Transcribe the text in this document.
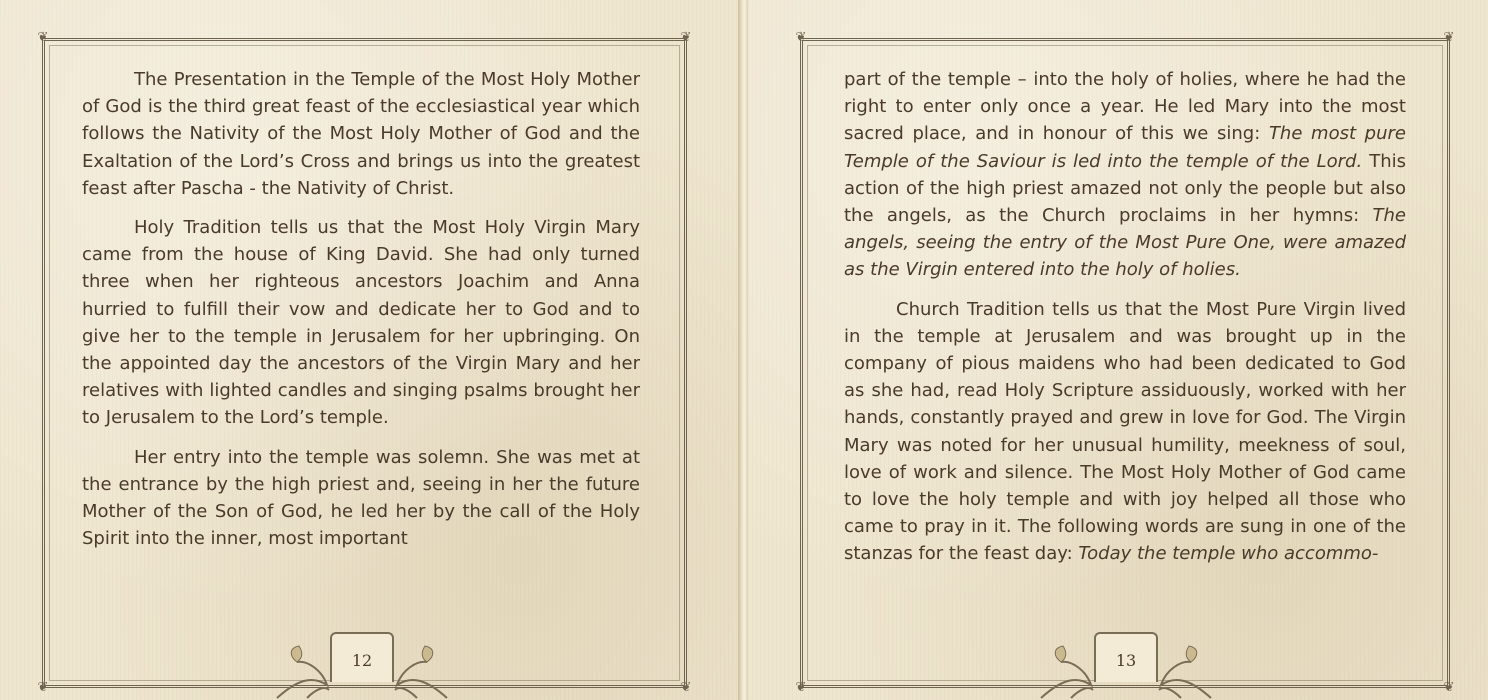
❦	❦
❦	❦

The Presentation in the Temple of the Most Holy Mother of God is the third great feast of the ecclesiastical year which follows the Nativity of the Most Holy Mother of God and the Exaltation of the Lord’s Cross and brings us into the greatest feast after Pascha - the Nativity of Christ.

Holy Tradition tells us that the Most Holy Virgin Mary came from the house of King David. She had only turned three when her righteous ancestors Joachim and Anna hurried to fulfill their vow and dedicate her to God and to give her to the temple in Jerusalem for her upbringing. On the appointed day the ancestors of the Virgin Mary and her relatives with lighted candles and singing psalms brought her to Jerusalem to the Lord’s temple.

Her entry into the temple was solemn. She was met at the entrance by the high priest and, seeing in her the future Mother of the Son of God, he led her by the call of the Holy Spirit into the inner, most important

12
❦	❦
❦	❦

part of the temple – into the holy of holies, where he had the right to enter only once a year. He led Mary into the most sacred place, and in honour of this we sing: The most pure Temple of the Saviour is led into the temple of the Lord. This action of the high priest amazed not only the people but also the angels, as the Church proclaims in her hymns: The angels, seeing the entry of the Most Pure One, were amazed as the Virgin entered into the holy of holies.

Church Tradition tells us that the Most Pure Virgin lived in the temple at Jerusalem and was brought up in the company of pious maidens who had been dedicated to God as she had, read Holy Scripture assiduously, worked with her hands, constantly prayed and grew in love for God. The Virgin Mary was noted for her unusual humility, meekness of soul, love of work and silence. The Most Holy Mother of God came to love the holy temple and with joy helped all those who came to pray in it. The following words are sung in one of the stanzas for the feast day: Today the temple who accommo-

13
